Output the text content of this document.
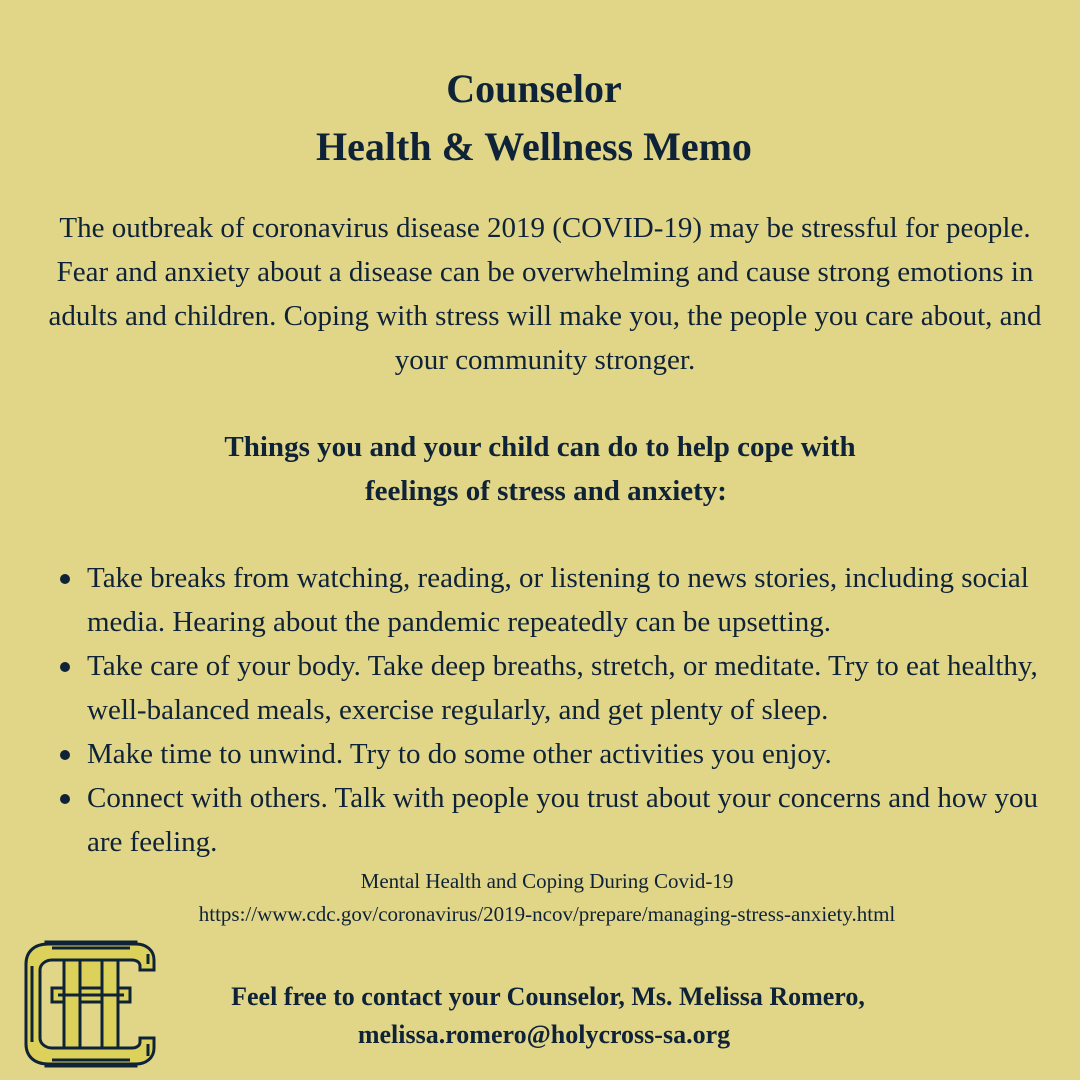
Counselor
Health & Wellness Memo
The outbreak of coronavirus disease 2019 (COVID-19) may be stressful for people. Fear and anxiety about a disease can be overwhelming and cause strong emotions in adults and children. Coping with stress will make you, the people you care about, and your community stronger.
Things you and your child can do to help cope with
feelings of stress and anxiety:
Take breaks from watching, reading, or listening to news stories, including social media. Hearing about the pandemic repeatedly can be upsetting.
Take care of your body. Take deep breaths, stretch, or meditate. Try to eat healthy, well-balanced meals, exercise regularly, and get plenty of sleep.
Make time to unwind. Try to do some other activities you enjoy.
Connect with others. Talk with people you trust about your concerns and how you are feeling.
Mental Health and Coping During Covid-19
https://www.cdc.gov/coronavirus/2019-ncov/prepare/managing-stress-anxiety.html
Feel free to contact your Counselor, Ms. Melissa Romero,
melissa.romero@holycross-sa.org
